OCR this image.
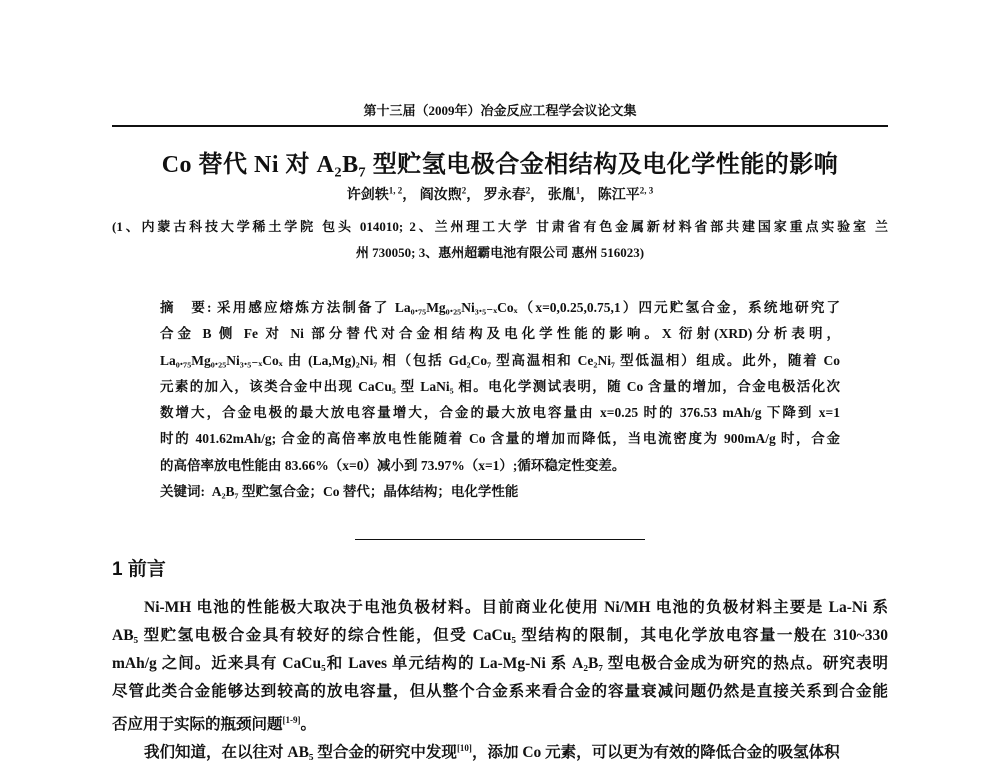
第十三届（2009年）冶金反应工程学会议论文集
Co 替代 Ni 对 A₂B₇ 型贮氢电极合金相结构及电化学性能的影响
许剑轶$^{1, 2}$， 阎汝煦$^2$， 罗永春$^2$， 张胤$^1$， 陈江平$^{2, 3}$
(1、内蒙古科技大学稀土学院 包头 014010; 2、兰州理工大学 甘肃省有色金属新材料省部共建国家重点实验室 兰
州 730050; 3、惠州超霸电池有限公司 惠州 516023)
摘　要: 采用感应熔炼方法制备了 La₀.₇₅Mg₀.₂₅Ni₃.₅₋ₓCoₓ（x=0,0.25,0.75,1）四元贮氢合金，系统地研究了
合金 B 侧 Fe 对 Ni 部分替代对合金相结构及电化学性能的影响。X 衍射(XRD)分析表明，
La₀.₇₅Mg₀.₂₅Ni₃.₅₋ₓCoₓ 由 (La,Mg)₂Ni₇ 相（包括 Gd₂Co₇ 型高温相和 Ce₂Ni₇ 型低温相）组成。此外，随着 Co
元素的加入，该类合金中出现 CaCu₅ 型 LaNi₅ 相。电化学测试表明，随 Co 含量的增加，合金电极活化次
数增大，合金电极的最大放电容量增大，合金的最大放电容量由 x=0.25 时的 376.53 mAh/g 下降到 x=1
时的 401.62mAh/g; 合金的高倍率放电性能随着 Co 含量的增加而降低，当电流密度为 900mA/g 时，合金
的高倍率放电性能由 83.66%（x=0）减小到 73.97%（x=1）;循环稳定性变差。
关键词: A₂B₇ 型贮氢合金；Co 替代；晶体结构；电化学性能
1 前言
Ni-MH 电池的性能极大取决于电池负极材料。目前商业化使用 Ni/MH 电池的负极材料主要是 La-Ni 系
AB₅ 型贮氢电极合金具有较好的综合性能，但受 CaCu₅ 型结构的限制，其电化学放电容量一般在 310~330
mAh/g 之间。近来具有 CaCu₅和 Laves 单元结构的 La-Mg-Ni 系 A₂B₇ 型电极合金成为研究的热点。研究表明
尽管此类合金能够达到较高的放电容量，但从整个合金系来看合金的容量衰减问题仍然是直接关系到合金能
否应用于实际的瓶颈问题[1-9]。
我们知道，在以往对 AB₅ 型合金的研究中发现[10]，添加 Co 元素，可以更为有效的降低合金的吸氢体积
